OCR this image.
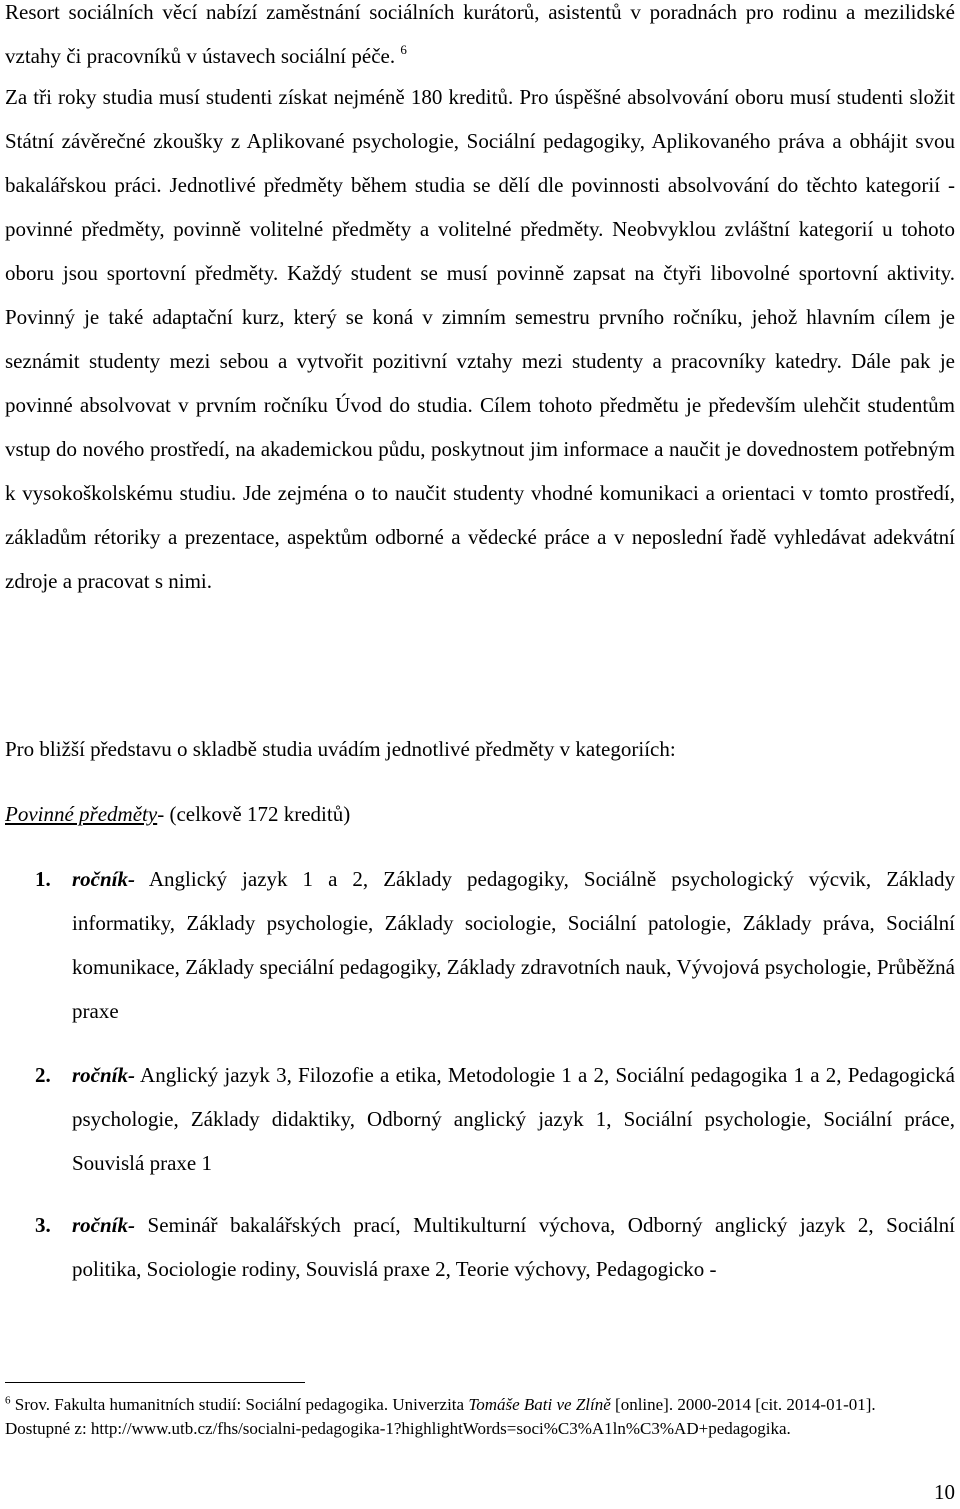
Resort sociálních věcí nabízí zaměstnání sociálních kurátorů, asistentů v poradnách pro rodinu a mezilidské vztahy či pracovníků v ústavech sociální péče. $^6$

Za tři roky studia musí studenti získat nejméně 180 kreditů. Pro úspěšné absolvování oboru musí studenti složit Státní závěrečné zkoušky z Aplikované psychologie, Sociální pedagogiky, Aplikovaného práva a obhájit svou bakalářskou práci. Jednotlivé předměty během studia se dělí dle povinnosti absolvování do těchto kategorií - povinné předměty, povinně volitelné předměty a volitelné předměty. Neobvyklou zvláštní kategorií u tohoto oboru jsou sportovní předměty. Každý student se musí povinně zapsat na čtyři libovolné sportovní aktivity. Povinný je také adaptační kurz, který se koná v zimním semestru prvního ročníku, jehož hlavním cílem je seznámit studenty mezi sebou a vytvořit pozitivní vztahy mezi studenty a pracovníky katedry. Dále pak je povinné absolvovat v prvním ročníku Úvod do studia. Cílem tohoto předmětu je především ulehčit studentům vstup do nového prostředí, na akademickou půdu, poskytnout jim informace a naučit je dovednostem potřebným k vysokoškolskému studiu. Jde zejména o to naučit studenty vhodné komunikaci a orientaci v tomto prostředí, základům rétoriky a prezentace, aspektům odborné a vědecké práce a v neposlední řadě vyhledávat adekvátní zdroje a pracovat s nimi.

Pro bližší představu o skladbě studia uvádím jednotlivé předměty v kategoriích:

Povinné předměty- (celkově 172 kreditů)

1. ročník- Anglický jazyk 1 a 2, Základy pedagogiky, Sociálně psychologický výcvik, Základy informatiky, Základy psychologie, Základy sociologie, Sociální patologie, Základy práva, Sociální komunikace, Základy speciální pedagogiky, Základy zdravotních nauk, Vývojová psychologie, Průběžná praxe
2. ročník- Anglický jazyk 3, Filozofie a etika, Metodologie 1 a 2, Sociální pedagogika 1 a 2, Pedagogická psychologie, Základy didaktiky, Odborný anglický jazyk 1, Sociální psychologie, Sociální práce, Souvislá praxe 1
3. ročník- Seminář bakalářských prací, Multikulturní výchova, Odborný anglický jazyk 2, Sociální politika, Sociologie rodiny, Souvislá praxe 2, Teorie výchovy, Pedagogicko -
$^6$ Srov. Fakulta humanitních studií: Sociální pedagogika. Univerzita Tomáše Bati ve Zlíně [online]. 2000-2014 [cit. 2014-01-01]. Dostupné z: http://www.utb.cz/fhs/socialni-pedagogika-1?highlightWords=soci%C3%A1ln%C3%AD+pedagogika.
10
